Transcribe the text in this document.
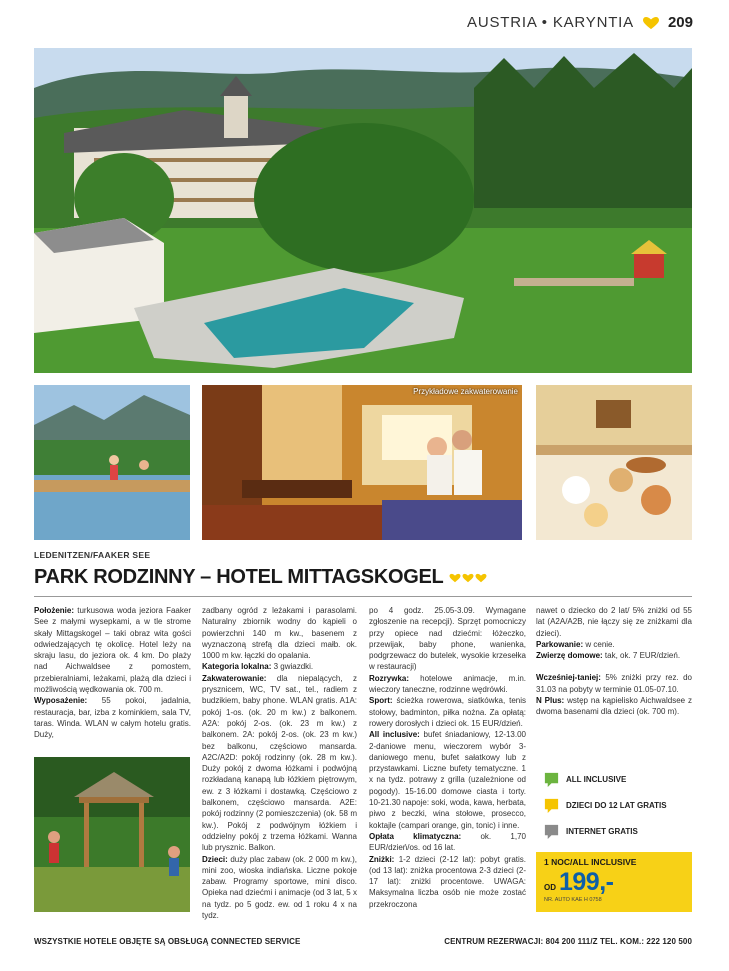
AUSTRIA • KARYNTIA 209
Przykładowe zakwaterowanie
LEDENITZEN/FAAKER SEE
PARK RODZINNY – HOTEL MITTAGSKOGEL

Położenie: turkusowa woda jeziora Faaker See z małymi wysepkami, a w tle strome skały Mittagskogel – taki obraz wita gości odwiedzających tę okolicę. Hotel leży na skraju lasu, do jeziora ok. 4 km. Do plaży nad Aichwaldsee z pomostem, przebieralniami, leżakami, plażą dla dzieci i możliwością wędkowania ok. 700 m.

Wyposażenie: 55 pokoi, jadalnia, restauracja, bar, izba z kominkiem, sala TV, taras. Winda. WLAN w całym hotelu gratis. Duży,

zadbany ogród z leżakami i parasolami. Naturalny zbiornik wodny do kąpieli o powierzchni 140 m kw., basenem z wyznaczoną strefą dla dzieci małb. ok. 1000 m kw. łączki do opalania.

Kategoria lokalna: 3 gwiazdki.

Zakwaterowanie: dla niepalących, z prysznicem, WC, TV sat., tel., radiem z budzikiem, baby phone. WLAN gratis. A1A: pokój 1-os. (ok. 20 m kw.) z balkonem. A2A: pokój 2-os. (ok. 23 m kw.) z balkonem. 2A: pokój 2-os. (ok. 23 m kw.) bez balkonu, częściowo mansarda. A2C/A2D: pokój rodzinny (ok. 28 m kw.). Duży pokój z dwoma łóżkami i podwójną rozkładaną kanapą lub łóżkiem piętrowym, ew. z 3 łóżkami i dostawką. Częściowo z balkonem, częściowo mansarda. A2E: pokój rodzinny (2 pomieszczenia) (ok. 58 m kw.). Pokój z podwójnym łóżkiem i oddzielny pokój z trzema łóżkami. Wanna lub prysznic. Balkon.

Dzieci: duży plac zabaw (ok. 2 000 m kw.), mini zoo, wioska indiańska. Liczne pokoje zabaw. Programy sportowe, mini disco. Opieka nad dziećmi i animacje (od 3 lat, 5 x na tydz. po 5 godz. ew. od 1 roku 4 x na tydz.

po 4 godz. 25.05-3.09. Wymagane zgłoszenie na recepcji). Sprzęt pomocniczy przy opiece nad dziećmi: łóżeczko, przewijak, baby phone, wanienka, podgrzewacz do butelek, wysokie krzesełka w restauracji)

Rozrywka: hotelowe animacje, m.in. wieczory taneczne, rodzinne wędrówki.

Sport: ścieżka rowerowa, siatkówka, tenis stołowy, badminton, piłka nożna. Za opłatą: rowery dorosłych i dzieci ok. 15 EUR/dzień.

All inclusive: bufet śniadaniowy, 12-13.00 2-daniowe menu, wieczorem wybór 3-daniowego menu, bufet sałatkowy lub z przystawkami. Liczne bufety tematyczne. 1 x na tydz. potrawy z grilla (uzależnione od pogody). 15-16.00 domowe ciasta i torty. 10-21.30 napoje: soki, woda, kawa, herbata, piwo z beczki, wina stołowe, prosecco, koktajle (campari orange, gin, tonic) i inne.

Opłata klimatyczna: ok. 1,70 EUR/dzień/os. od 16 lat.

Zniżki: 1-2 dzieci (2-12 lat): pobyt gratis. (od 13 lat): zniżka procentowa 2-3 dzieci (2-17 lat): zniżki procentowe. UWAGA: Maksymalna liczba osób nie może zostać przekroczona

nawet o dziecko do 2 lat/ 5% zniżki od 55 lat (A2A/A2B, nie łączy się ze zniżkami dla dzieci).

Parkowanie: w cenie.

Zwierzę domowe: tak, ok. 7 EUR/dzień.

Wcześniej-taniej: 5% zniżki przy rez. do 31.03 na pobyty w terminie 01.05-07.10.

N Plus: wstęp na kąpielisko Aichwaldsee z dwoma basenami dla dzieci (ok. 700 m).

ALL INCLUSIVE
DZIECI DO 12 LAT GRATIS
INTERNET GRATIS
1 NOC/ALL INCLUSIVE
OD 199,-
NR. AUTO KAE H 0758
WSZYSTKIE HOTELE OBJĘTE SĄ OBSŁUGĄ CONNECTED SERVICE	CENTRUM REZERWACJI: 804 200 111/Z TEL. KOM.: 222 120 500
